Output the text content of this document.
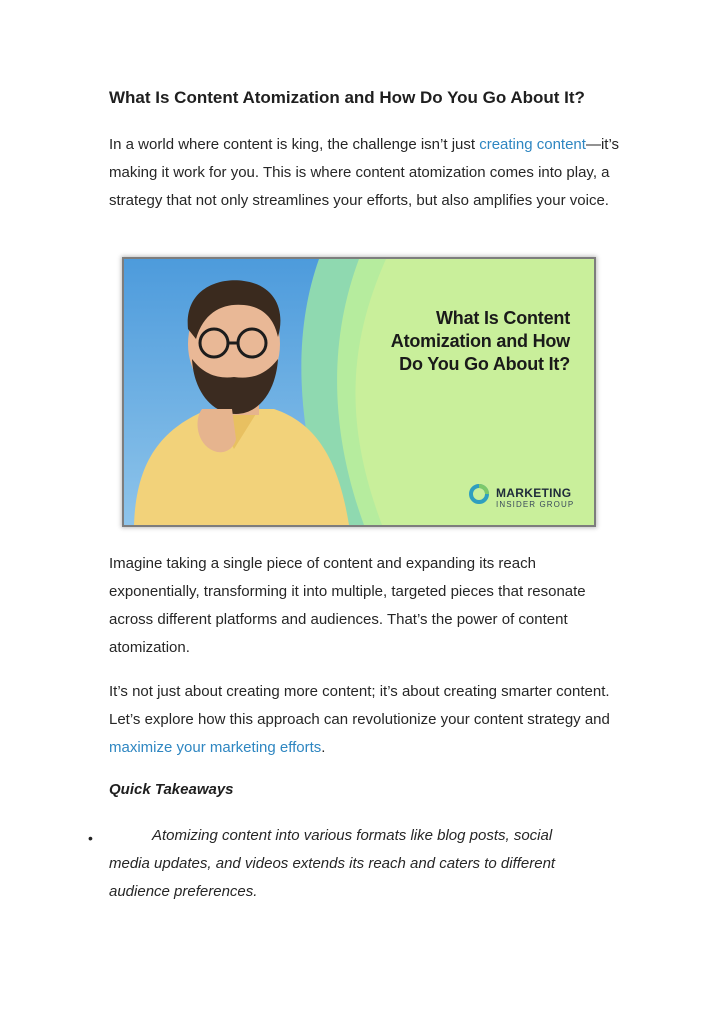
What Is Content Atomization and How Do You Go About It?

In a world where content is king, the challenge isn’t just creating content—it’s making it work for you. This is where content atomization comes into play, a strategy that not only streamlines your efforts, but also amplifies your voice.

What Is Content Atomization and How Do You Go About It?
MARKETING
INSIDER GROUP

Imagine taking a single piece of content and expanding its reach exponentially, transforming it into multiple, targeted pieces that resonate across different platforms and audiences. That’s the power of content atomization.

It’s not just about creating more content; it’s about creating smarter content. Let’s explore how this approach can revolutionize your content strategy and maximize your marketing efforts.

Quick Takeaways
•	Atomizing content into various formats like blog posts, social media updates, and videos extends its reach and caters to different audience preferences.
